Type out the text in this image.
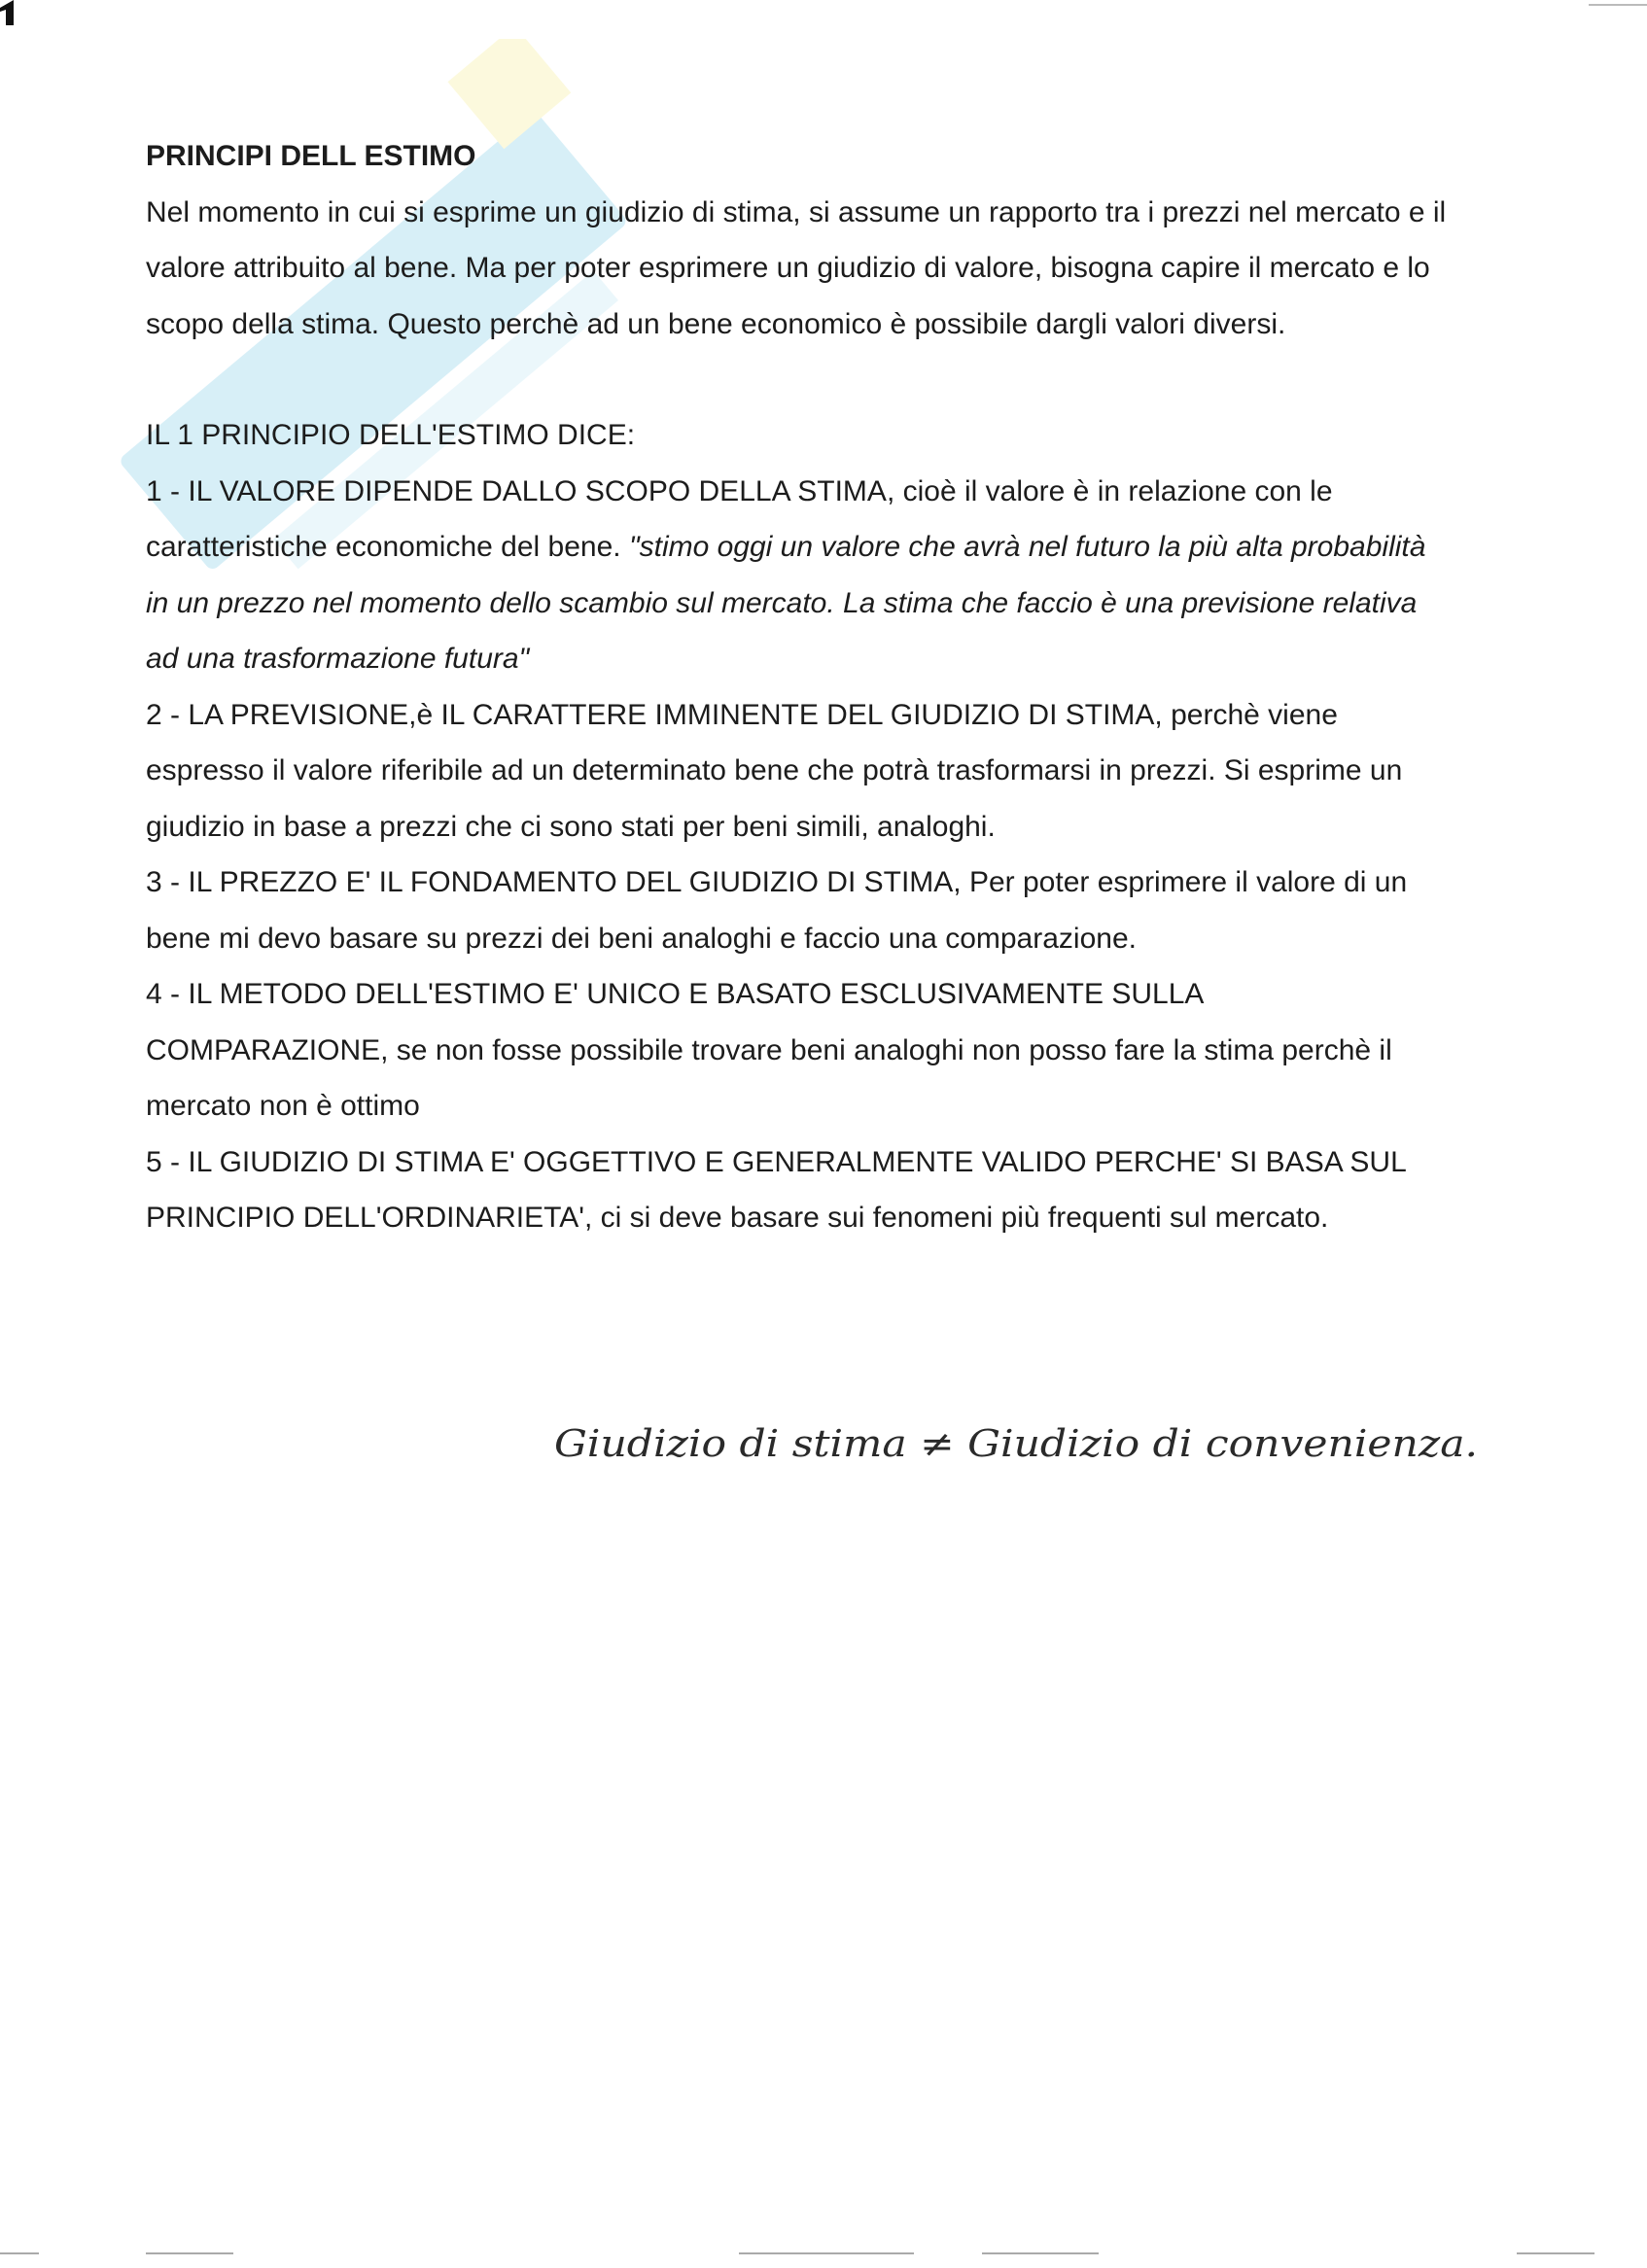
PRINCIPI DELL ESTIMO

Nel momento in cui si esprime un giudizio di stima, si assume un rapporto tra i prezzi nel mercato e il valore attribuito al bene. Ma per poter esprimere un giudizio di valore, bisogna capire il mercato e lo scopo della stima. Questo perchè ad un bene economico è possibile dargli valori diversi.

IL 1 PRINCIPIO DELL'ESTIMO DICE:

1 - IL VALORE DIPENDE DALLO SCOPO DELLA STIMA, cioè il valore è in relazione con le caratteristiche economiche del bene. "stimo oggi un valore che avrà nel futuro la più alta probabilità in un prezzo nel momento dello scambio sul mercato. La stima che faccio è una previsione relativa ad una trasformazione futura"

2 - LA PREVISIONE,è IL CARATTERE IMMINENTE DEL GIUDIZIO DI STIMA, perchè viene espresso il valore riferibile ad un determinato bene che potrà trasformarsi in prezzi. Si esprime un giudizio in base a prezzi che ci sono stati per beni simili, analoghi.

3 - IL PREZZO E' IL FONDAMENTO DEL GIUDIZIO DI STIMA, Per poter esprimere il valore di un bene mi devo basare su prezzi dei beni analoghi e faccio una comparazione.

4 - IL METODO DELL'ESTIMO E' UNICO E BASATO ESCLUSIVAMENTE SULLA COMPARAZIONE, se non fosse possibile trovare beni analoghi non posso fare la stima perchè il mercato non è ottimo

5 - IL GIUDIZIO DI STIMA E' OGGETTIVO E GENERALMENTE VALIDO PERCHE' SI BASA SUL PRINCIPIO DELL'ORDINARIETA', ci si deve basare sui fenomeni più frequenti sul mercato.

Giudizio di stima ≠ Giudizio di convenienza.
